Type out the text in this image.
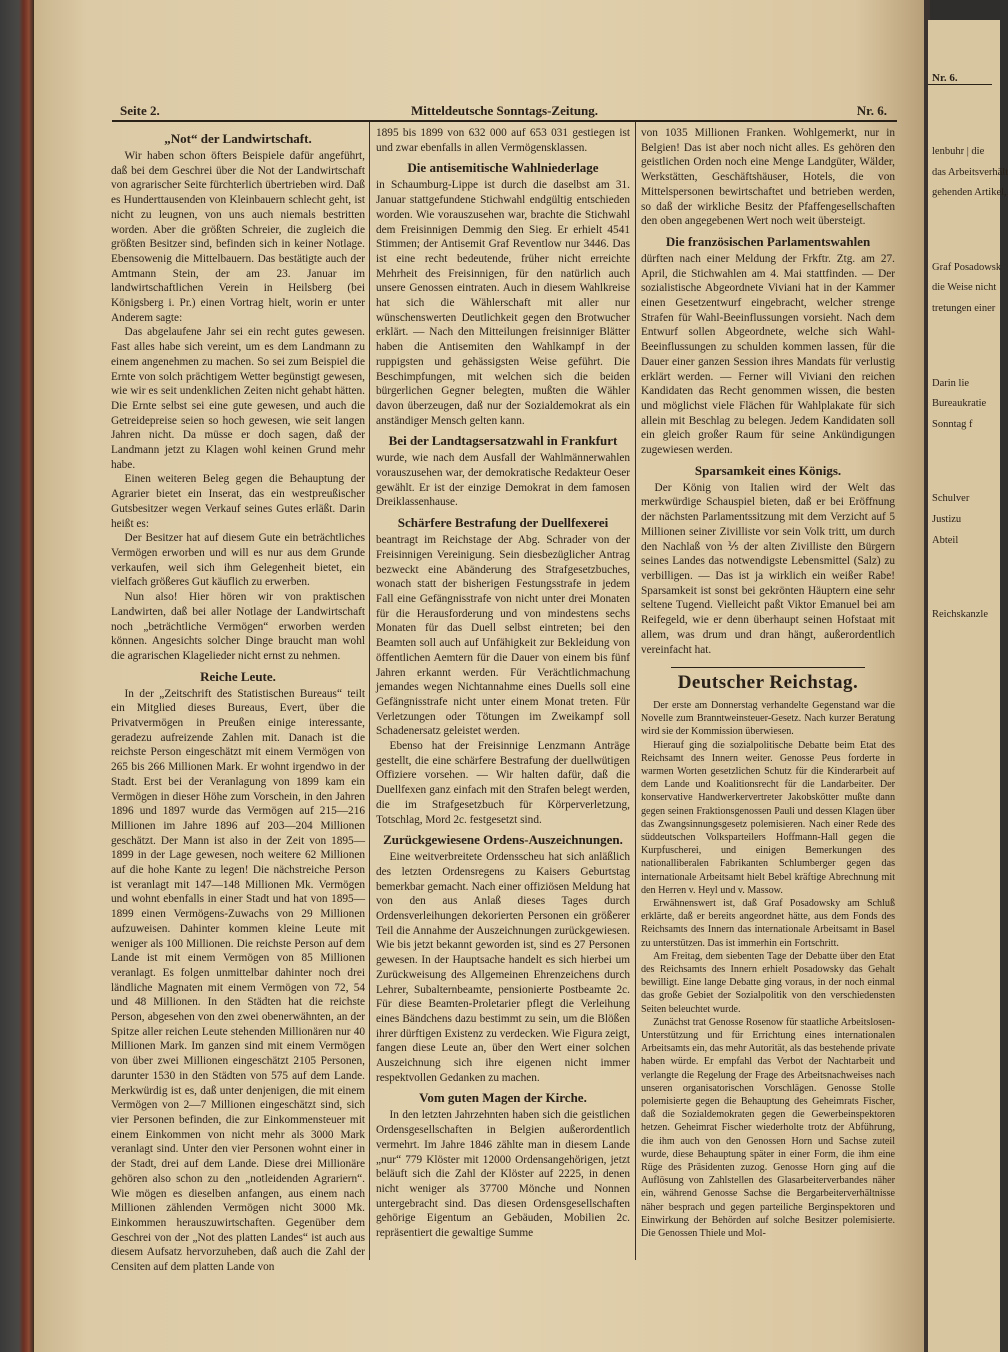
Nr. 6.
lenbuhr | die
das Arbeitsverhält
gehenden Artikel,
Graf Posadowsk
die Weise nicht
tretungen einer
Darin lie
Bureaukratie
Sonntag f
Schulver
Justizu
Abteil
Reichskanzle
Seite 2.	Mitteldeutsche Sonntags-Zeitung.	Nr. 6.
„Not“ der Landwirtschaft.

Wir haben schon öfters Beispiele dafür angeführt, daß bei dem Geschrei über die Not der Landwirtschaft von agrarischer Seite fürchterlich übertrieben wird. Daß es Hunderttausenden von Kleinbauern schlecht geht, ist nicht zu leugnen, von uns auch niemals bestritten worden. Aber die größten Schreier, die zugleich die größten Besitzer sind, befinden sich in keiner Notlage. Ebensowenig die Mittelbauern. Das bestätigte auch der Amtmann Stein, der am 23. Januar im landwirtschaftlichen Verein in Heilsberg (bei Königsberg i. Pr.) einen Vortrag hielt, worin er unter Anderem sagte:

Das abgelaufene Jahr sei ein recht gutes gewesen. Fast alles habe sich vereint, um es dem Landmann zu einem angenehmen zu machen. So sei zum Beispiel die Ernte von solch prächtigem Wetter begünstigt gewesen, wie wir es seit undenklichen Zeiten nicht gehabt hätten. Die Ernte selbst sei eine gute gewesen, und auch die Getreidepreise seien so hoch gewesen, wie seit langen Jahren nicht. Da müsse er doch sagen, daß der Landmann jetzt zu Klagen wohl keinen Grund mehr habe.

Einen weiteren Beleg gegen die Behauptung der Agrarier bietet ein Inserat, das ein westpreußischer Gutsbesitzer wegen Verkauf seines Gutes erläßt. Darin heißt es:

Der Besitzer hat auf diesem Gute ein beträchtliches Vermögen erworben und will es nur aus dem Grunde verkaufen, weil sich ihm Gelegenheit bietet, ein vielfach größeres Gut käuflich zu erwerben.

Nun also! Hier hören wir von praktischen Landwirten, daß bei aller Notlage der Landwirtschaft noch „beträchtliche Vermögen“ erworben werden können. Angesichts solcher Dinge braucht man wohl die agrarischen Klagelieder nicht ernst zu nehmen.

Reiche Leute.

In der „Zeitschrift des Statistischen Bureaus“ teilt ein Mitglied dieses Bureaus, Evert, über die Privatvermögen in Preußen einige interessante, geradezu aufreizende Zahlen mit. Danach ist die reichste Person eingeschätzt mit einem Vermögen von 265 bis 266 Millionen Mark. Er wohnt irgendwo in der Stadt. Erst bei der Veranlagung von 1899 kam ein Vermögen in dieser Höhe zum Vorschein, in den Jahren 1896 und 1897 wurde das Vermögen auf 215—216 Millionen im Jahre 1896 auf 203—204 Millionen geschätzt. Der Mann ist also in der Zeit von 1895—1899 in der Lage gewesen, noch weitere 62 Millionen auf die hohe Kante zu legen! Die nächstreiche Person ist veranlagt mit 147—148 Millionen Mk. Vermögen und wohnt ebenfalls in einer Stadt und hat von 1895—1899 einen Vermögens-Zuwachs von 29 Millionen aufzuweisen. Dahinter kommen kleine Leute mit weniger als 100 Millionen. Die reichste Person auf dem Lande ist mit einem Vermögen von 85 Millionen veranlagt. Es folgen unmittelbar dahinter noch drei ländliche Magnaten mit einem Vermögen von 72, 54 und 48 Millionen. In den Städten hat die reichste Person, abgesehen von den zwei obenerwähnten, an der Spitze aller reichen Leute stehenden Millionären nur 40 Millionen Mark. Im ganzen sind mit einem Vermögen von über zwei Millionen eingeschätzt 2105 Personen, darunter 1530 in den Städten von 575 auf dem Lande. Merkwürdig ist es, daß unter denjenigen, die mit einem Vermögen von 2—7 Millionen eingeschätzt sind, sich vier Personen befinden, die zur Einkommensteuer mit einem Einkommen von nicht mehr als 3000 Mark veranlagt sind. Unter den vier Personen wohnt einer in der Stadt, drei auf dem Lande. Diese drei Millionäre gehören also schon zu den „notleidenden Agrariern“. Wie mögen es dieselben anfangen, aus einem nach Millionen zählenden Vermögen nicht 3000 Mk. Einkommen herauszuwirtschaften. Gegenüber dem Geschrei von der „Not des platten Landes“ ist auch aus diesem Aufsatz hervorzuheben, daß auch die Zahl der Censiten auf dem platten Lande von

1895 bis 1899 von 632 000 auf 653 031 gestiegen ist und zwar ebenfalls in allen Vermögensklassen.

Die antisemitische Wahlniederlage

in Schaumburg-Lippe ist durch die daselbst am 31. Januar stattgefundene Stichwahl endgültig entschieden worden. Wie vorauszusehen war, brachte die Stichwahl dem Freisinnigen Demmig den Sieg. Er erhielt 4541 Stimmen; der Antisemit Graf Reventlow nur 3446. Das ist eine recht bedeutende, früher nicht erreichte Mehrheit des Freisinnigen, für den natürlich auch unsere Genossen eintraten. Auch in diesem Wahlkreise hat sich die Wählerschaft mit aller nur wünschenswerten Deutlichkeit gegen den Brotwucher erklärt. — Nach den Mitteilungen freisinniger Blätter haben die Antisemiten den Wahlkampf in der ruppigsten und gehässigsten Weise geführt. Die Beschimpfungen, mit welchen sich die beiden bürgerlichen Gegner belegten, mußten die Wähler davon überzeugen, daß nur der Sozialdemokrat als ein anständiger Mensch gelten kann.

Bei der Landtagsersatzwahl in Frankfurt

wurde, wie nach dem Ausfall der Wahlmännerwahlen vorauszusehen war, der demokratische Redakteur Oeser gewählt. Er ist der einzige Demokrat in dem famosen Dreiklassenhause.

Schärfere Bestrafung der Duellfexerei

beantragt im Reichstage der Abg. Schrader von der Freisinnigen Vereinigung. Sein diesbezüglicher Antrag bezweckt eine Abänderung des Strafgesetzbuches, wonach statt der bisherigen Festungsstrafe in jedem Fall eine Gefängnisstrafe von nicht unter drei Monaten für die Herausforderung und von mindestens sechs Monaten für das Duell selbst eintreten; bei den Beamten soll auch auf Unfähigkeit zur Bekleidung von öffentlichen Aemtern für die Dauer von einem bis fünf Jahren erkannt werden. Für Verächtlichmachung jemandes wegen Nichtannahme eines Duells soll eine Gefängnisstrafe nicht unter einem Monat treten. Für Verletzungen oder Tötungen im Zweikampf soll Schadenersatz geleistet werden.

Ebenso hat der Freisinnige Lenzmann Anträge gestellt, die eine schärfere Bestrafung der duellwütigen Offiziere vorsehen. — Wir halten dafür, daß die Duellfexen ganz einfach mit den Strafen belegt werden, die im Strafgesetzbuch für Körperverletzung, Totschlag, Mord 2c. festgesetzt sind.

Zurückgewiesene Ordens-Auszeichnungen.

Eine weitverbreitete Ordensscheu hat sich anläßlich des letzten Ordensregens zu Kaisers Geburtstag bemerkbar gemacht. Nach einer offiziösen Meldung hat von den aus Anlaß dieses Tages durch Ordensverleihungen dekorierten Personen ein größerer Teil die Annahme der Auszeichnungen zurückgewiesen. Wie bis jetzt bekannt geworden ist, sind es 27 Personen gewesen. In der Hauptsache handelt es sich hierbei um Zurückweisung des Allgemeinen Ehrenzeichens durch Lehrer, Subalternbeamte, pensionierte Postbeamte 2c. Für diese Beamten-Proletarier pflegt die Verleihung eines Bändchens dazu bestimmt zu sein, um die Blößen ihrer dürftigen Existenz zu verdecken. Wie Figura zeigt, fangen diese Leute an, über den Wert einer solchen Auszeichnung sich ihre eigenen nicht immer respektvollen Gedanken zu machen.

Vom guten Magen der Kirche.

In den letzten Jahrzehnten haben sich die geistlichen Ordensgesellschaften in Belgien außerordentlich vermehrt. Im Jahre 1846 zählte man in diesem Lande „nur“ 779 Klöster mit 12000 Ordensangehörigen, jetzt beläuft sich die Zahl der Klöster auf 2225, in denen nicht weniger als 37700 Mönche und Nonnen untergebracht sind. Das diesen Ordensgesellschaften gehörige Eigentum an Gebäuden, Mobilien 2c. repräsentiert die gewaltige Summe

von 1035 Millionen Franken. Wohlgemerkt, nur in Belgien! Das ist aber noch nicht alles. Es gehören den geistlichen Orden noch eine Menge Landgüter, Wälder, Werkstätten, Geschäftshäuser, Hotels, die von Mittelspersonen bewirtschaftet und betrieben werden, so daß der wirkliche Besitz der Pfaffengesellschaften den oben angegebenen Wert noch weit übersteigt.

Die französischen Parlamentswahlen

dürften nach einer Meldung der Frkftr. Ztg. am 27. April, die Stichwahlen am 4. Mai stattfinden. — Der sozialistische Abgeordnete Viviani hat in der Kammer einen Gesetzentwurf eingebracht, welcher strenge Strafen für Wahl-Beeinflussungen vorsieht. Nach dem Entwurf sollen Abgeordnete, welche sich Wahl-Beeinflussungen zu schulden kommen lassen, für die Dauer einer ganzen Session ihres Mandats für verlustig erklärt werden. — Ferner will Viviani den reichen Kandidaten das Recht genommen wissen, die besten und möglichst viele Flächen für Wahlplakate für sich allein mit Beschlag zu belegen. Jedem Kandidaten soll ein gleich großer Raum für seine Ankündigungen zugewiesen werden.

Sparsamkeit eines Königs.

Der König von Italien wird der Welt das merkwürdige Schauspiel bieten, daß er bei Eröffnung der nächsten Parlamentssitzung mit dem Verzicht auf 5 Millionen seiner Zivilliste vor sein Volk tritt, um durch den Nachlaß von ⅕ der alten Zivilliste den Bürgern seines Landes das notwendigste Lebensmittel (Salz) zu verbilligen. — Das ist ja wirklich ein weißer Rabe! Sparsamkeit ist sonst bei gekrönten Häuptern eine sehr seltene Tugend. Vielleicht paßt Viktor Emanuel bei am Reifegeld, wie er denn überhaupt seinen Hofstaat mit allem, was drum und dran hängt, außerordentlich vereinfacht hat.

Deutscher Reichstag.

Der erste am Donnerstag verhandelte Gegenstand war die Novelle zum Branntweinsteuer-Gesetz. Nach kurzer Beratung wird sie der Kommission überwiesen.

Hierauf ging die sozialpolitische Debatte beim Etat des Reichsamt des Innern weiter. Genosse Peus forderte in warmen Worten gesetzlichen Schutz für die Kinderarbeit auf dem Lande und Koalitionsrecht für die Landarbeiter. Der konservative Handwerkervertreter Jakobskötter mußte dann gegen seinen Fraktionsgenossen Pauli und dessen Klagen über das Zwangsinnungsgesetz polemisieren. Nach einer Rede des süddeutschen Volksparteilers Hoffmann-Hall gegen die Kurpfuscherei, und einigen Bemerkungen des nationalliberalen Fabrikanten Schlumberger gegen das internationale Arbeitsamt hielt Bebel kräftige Abrechnung mit den Herren v. Heyl und v. Massow.

Erwähnenswert ist, daß Graf Posadowsky am Schluß erklärte, daß er bereits angeordnet hätte, aus dem Fonds des Reichsamts des Innern das internationale Arbeitsamt in Basel zu unterstützen. Das ist immerhin ein Fortschritt.

Am Freitag, dem siebenten Tage der Debatte über den Etat des Reichsamts des Innern erhielt Posadowsky das Gehalt bewilligt. Eine lange Debatte ging voraus, in der noch einmal das große Gebiet der Sozialpolitik von den verschiedensten Seiten beleuchtet wurde.

Zunächst trat Genosse Rosenow für staatliche Arbeitslosen-Unterstützung und für Errichtung eines internationalen Arbeitsamts ein, das mehr Autorität, als das bestehende private haben würde. Er empfahl das Verbot der Nachtarbeit und verlangte die Regelung der Frage des Arbeitsnachweises nach unseren organisatorischen Vorschlägen. Genosse Stolle polemisierte gegen die Behauptung des Geheimrats Fischer, daß die Sozialdemokraten gegen die Gewerbeinspektoren hetzen. Geheimrat Fischer wiederholte trotz der Abführung, die ihm auch von den Genossen Horn und Sachse zuteil wurde, diese Behauptung später in einer Form, die ihm eine Rüge des Präsidenten zuzog. Genosse Horn ging auf die Auflösung von Zahlstellen des Glasarbeiterverbandes näher ein, während Genosse Sachse die Bergarbeiterverhältnisse näher besprach und gegen parteiliche Berginspektoren und Einwirkung der Behörden auf solche Besitzer polemisierte. Die Genossen Thiele und Mol-
